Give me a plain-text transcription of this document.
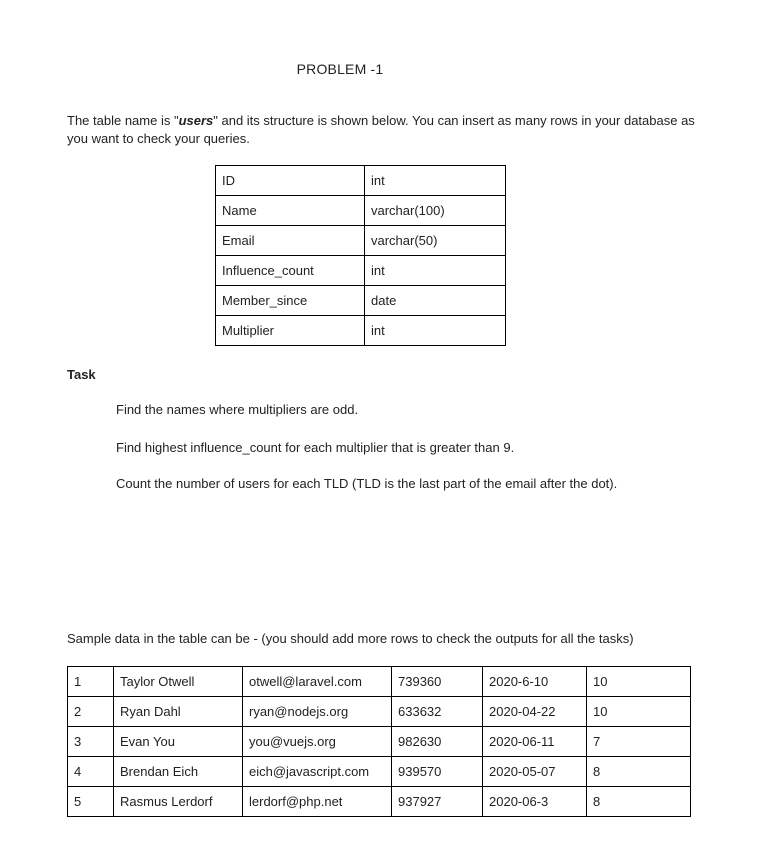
PROBLEM -1
The table name is "users" and its structure is shown below. You can insert as many rows in your database as you want to check your queries.
ID	int
Name	varchar(100)
Email	varchar(50)
Influence_count	int
Member_since	date
Multiplier	int
Task
Find the names where multipliers are odd.
Find highest influence_count for each multiplier that is greater than 9.
Count the number of users for each TLD (TLD is the last part of the email after the dot).
Sample data in the table can be - (you should add more rows to check the outputs for all the tasks)
1	Taylor Otwell	otwell@laravel.com	739360	2020-6-10	10
2	Ryan Dahl	ryan@nodejs.org	633632	2020-04-22	10
3	Evan You	you@vuejs.org	982630	2020-06-11	7
4	Brendan Eich	eich@javascript.com	939570	2020-05-07	8
5	Rasmus Lerdorf	lerdorf@php.net	937927	2020-06-3	8
